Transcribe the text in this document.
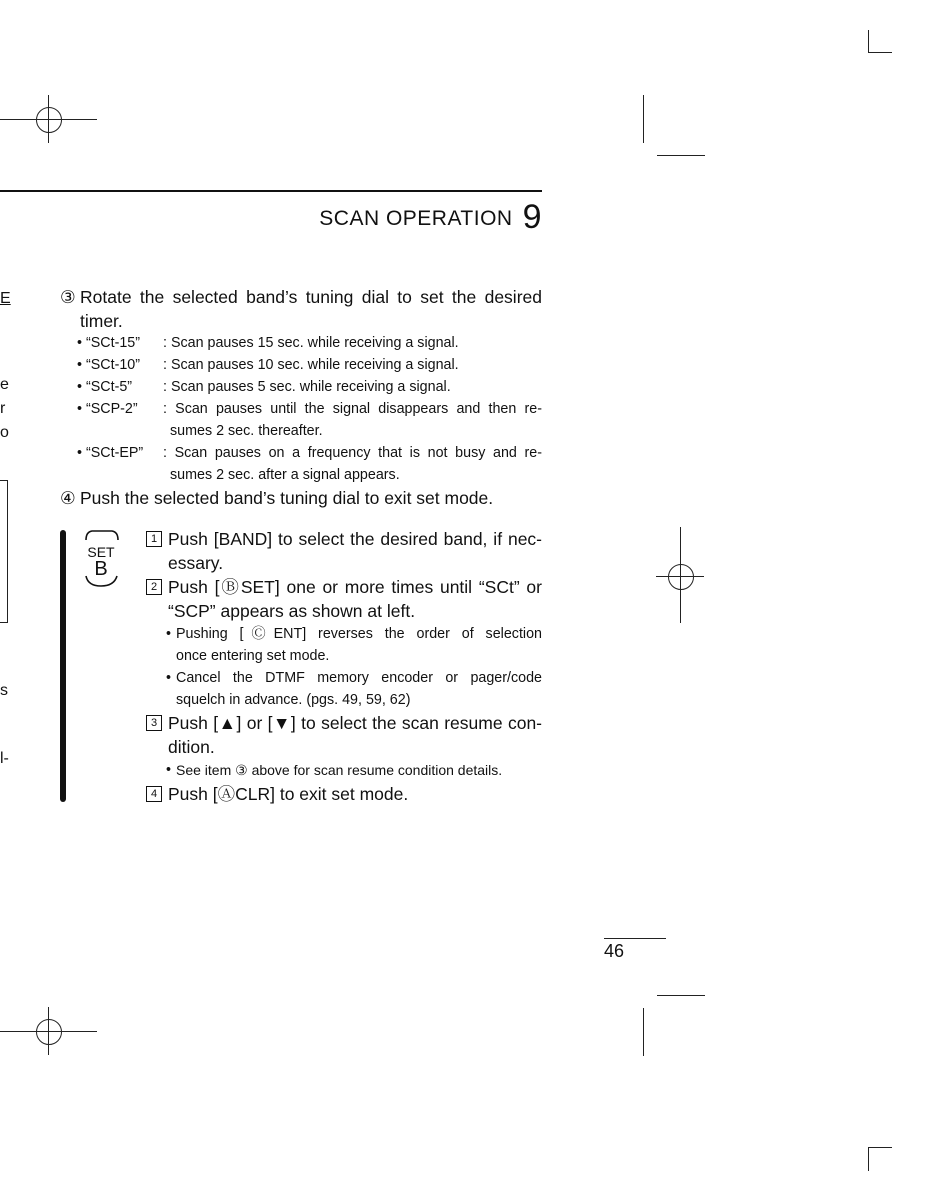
E
e
r
o
s
l-
SCAN OPERATION 9
③ Rotate the selected band’s tuning dial to set the desired
timer.
• “SCt-15”	: Scan pauses 15 sec. while receiving a signal.
• “SCt-10”	: Scan pauses 10 sec. while receiving a signal.
• “SCt-5”	: Scan pauses 5 sec. while receiving a signal.
• “SCP-2”	: Scan pauses until the signal disappears and then re-
sumes 2 sec. thereafter.
• “SCt-EP”	: Scan pauses on a frequency that is not busy and re-
sumes 2 sec. after a signal appears.
④ Push the selected band’s tuning dial to exit set mode.
SET
B
1 Push [BAND] to select the desired band, if nec-
essary.
2 Push [ⒷSET] one or more times until “SCt” or
“SCP” appears as shown at left.
• Pushing [ⒸENT] reverses the order of selection
once entering set mode.
• Cancel the DTMF memory encoder or pager/code
squelch in advance. (pgs. 49, 59, 62)
3 Push [▲] or [▼] to select the scan resume con-
dition.
• See item ③ above for scan resume condition details.
4 Push [ⒶCLR] to exit set mode.
46
